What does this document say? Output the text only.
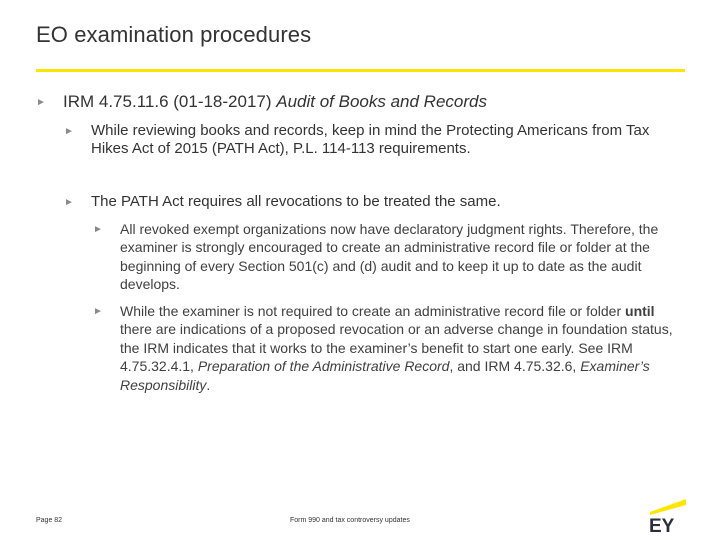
EO examination procedures
► IRM 4.75.11.6 (01-18-2017) Audit of Books and Records
► While reviewing books and records, keep in mind the Protecting Americans from Tax Hikes Act of 2015 (PATH Act), P.L. 114-113 requirements.
► The PATH Act requires all revocations to be treated the same.
► All revoked exempt organizations now have declaratory judgment rights. Therefore, the examiner is strongly encouraged to create an administrative record file or folder at the beginning of every Section 501(c) and (d) audit and to keep it up to date as the audit develops.
► While the examiner is not required to create an administrative record file or folder until there are indications of a proposed revocation or an adverse change in foundation status, the IRM indicates that it works to the examiner’s benefit to start one early. See IRM 4.75.32.4.1, Preparation of the Administrative Record, and IRM 4.75.32.6, Examiner’s Responsibility.
Page 82	Form 990 and tax controversy updates	EY
